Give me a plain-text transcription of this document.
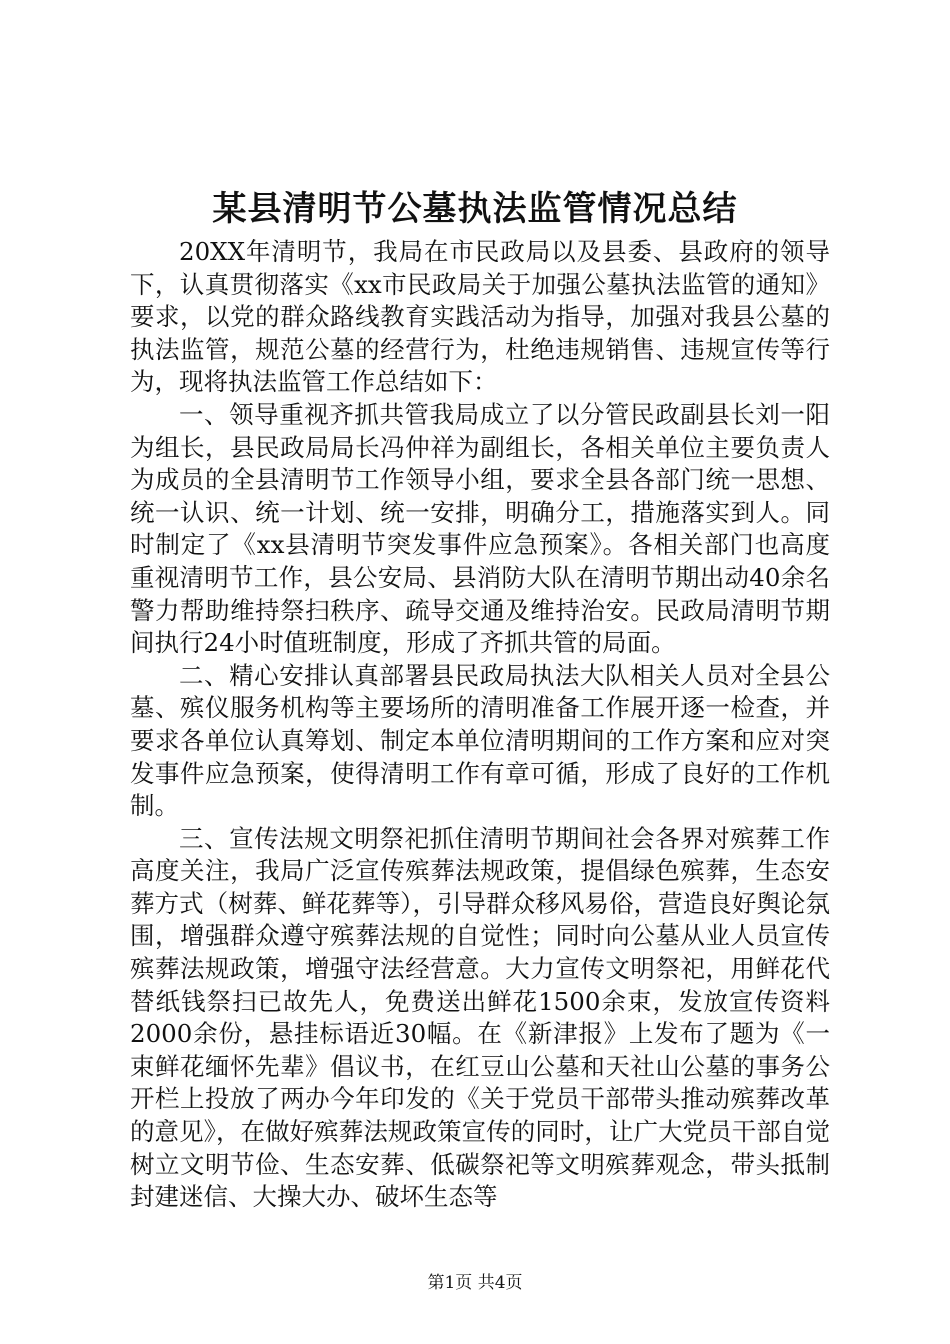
某县清明节公墓执法监管情况总结

20XX年清明节，我局在市民政局以及县委、县政府的领导下，认真贯彻落实《xx市民政局关于加强公墓执法监管的通知》要求，以党的群众路线教育实践活动为指导，加强对我县公墓的执法监管，规范公墓的经营行为，杜绝违规销售、违规宣传等行为，现将执法监管工作总结如下：

一、领导重视齐抓共管我局成立了以分管民政副县长刘一阳为组长，县民政局局长冯仲祥为副组长，各相关单位主要负责人为成员的全县清明节工作领导小组，要求全县各部门统一思想、统一认识、统一计划、统一安排，明确分工，措施落实到人。同时制定了《xx县清明节突发事件应急预案》。各相关部门也高度重视清明节工作，县公安局、县消防大队在清明节期出动40余名警力帮助维持祭扫秩序、疏导交通及维持治安。民政局清明节期间执行24小时值班制度，形成了齐抓共管的局面。

二、精心安排认真部署县民政局执法大队相关人员对全县公墓、殡仪服务机构等主要场所的清明准备工作展开逐一检查，并要求各单位认真筹划、制定本单位清明期间的工作方案和应对突发事件应急预案，使得清明工作有章可循，形成了良好的工作机制。

三、宣传法规文明祭祀抓住清明节期间社会各界对殡葬工作高度关注，我局广泛宣传殡葬法规政策，提倡绿色殡葬，生态安葬方式（树葬、鲜花葬等），引导群众移风易俗，营造良好舆论氛围，增强群众遵守殡葬法规的自觉性；同时向公墓从业人员宣传殡葬法规政策，增强守法经营意。大力宣传文明祭祀，用鲜花代替纸钱祭扫已故先人，免费送出鲜花1500余束，发放宣传资料2000余份，悬挂标语近30幅。在《新津报》上发布了题为《一束鲜花缅怀先辈》倡议书，在红豆山公墓和天社山公墓的事务公开栏上投放了两办今年印发的《关于党员干部带头推动殡葬改革的意见》，在做好殡葬法规政策宣传的同时，让广大党员干部自觉树立文明节俭、生态安葬、低碳祭祀等文明殡葬观念，带头抵制封建迷信、大操大办、破坏生态等

第1页 共4页
